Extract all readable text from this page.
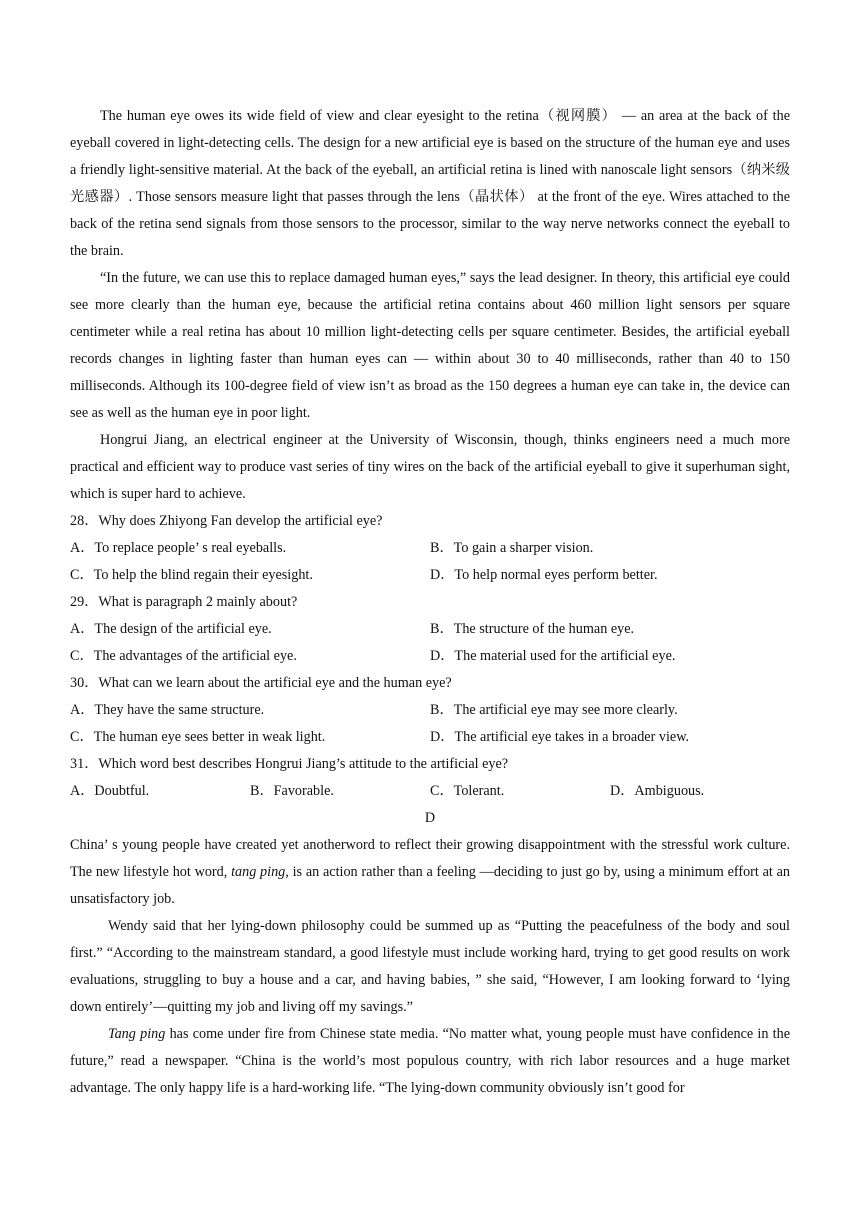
The human eye owes its wide field of view and clear eyesight to the retina（视网膜） — an area at the back of the eyeball covered in light-detecting cells. The design for a new artificial eye is based on the structure of the human eye and uses a friendly light-sensitive material. At the back of the eyeball, an artificial retina is lined with nanoscale light sensors（纳米级光感器）. Those sensors measure light that passes through the lens（晶状体） at the front of the eye. Wires attached to the back of the retina send signals from those sensors to the processor, similar to the way nerve networks connect the eyeball to the brain.

“In the future, we can use this to replace damaged human eyes,” says the lead designer. In theory, this artificial eye could see more clearly than the human eye, because the artificial retina contains about 460 million light sensors per square centimeter while a real retina has about 10 million light-detecting cells per square centimeter. Besides, the artificial eyeball records changes in lighting faster than human eyes can — within about 30 to 40 milliseconds, rather than 40 to 150 milliseconds. Although its 100-degree field of view isn’t as broad as the 150 degrees a human eye can take in, the device can see as well as the human eye in poor light.

Hongrui Jiang, an electrical engineer at the University of Wisconsin, though, thinks engineers need a much more practical and efficient way to produce vast series of tiny wires on the back of the artificial eyeball to give it superhuman sight, which is super hard to achieve.

28．Why does Zhiyong Fan develop the artificial eye?

A．To replace people’ s real eyeballs.	B．To gain a sharper vision.
C．To help the blind regain their eyesight.	D．To help normal eyes perform better.

29．What is paragraph 2 mainly about?

A．The design of the artificial eye.	B．The structure of the human eye.
C．The advantages of the artificial eye.	D．The material used for the artificial eye.

30．What can we learn about the artificial eye and the human eye?

A．They have the same structure.	B．The artificial eye may see more clearly.
C．The human eye sees better in weak light.	D．The artificial eye takes in a broader view.

31．Which word best describes Hongrui Jiang’s attitude to the artificial eye?

A．Doubtful.	B．Favorable.	C．Tolerant.	D．Ambiguous.

D

China’ s young people have created yet anotherword to reflect their growing disappointment with the stressful work culture. The new lifestyle hot word, tang ping, is an action rather than a feeling —deciding to just go by, using a minimum effort at an unsatisfactory job.

Wendy said that her lying-down philosophy could be summed up as “Putting the peacefulness of the body and soul first.” “According to the mainstream standard, a good lifestyle must include working hard, trying to get good results on work evaluations, struggling to buy a house and a car, and having babies, ” she said, “However, I am looking forward to ‘lying down entirely’—quitting my job and living off my savings.”

Tang ping has come under fire from Chinese state media. “No matter what, young people must have confidence in the future,” read a newspaper. “China is the world’s most populous country, with rich labor resources and a huge market advantage. The only happy life is a hard-working life. “The lying-down community obviously isn’t good for
